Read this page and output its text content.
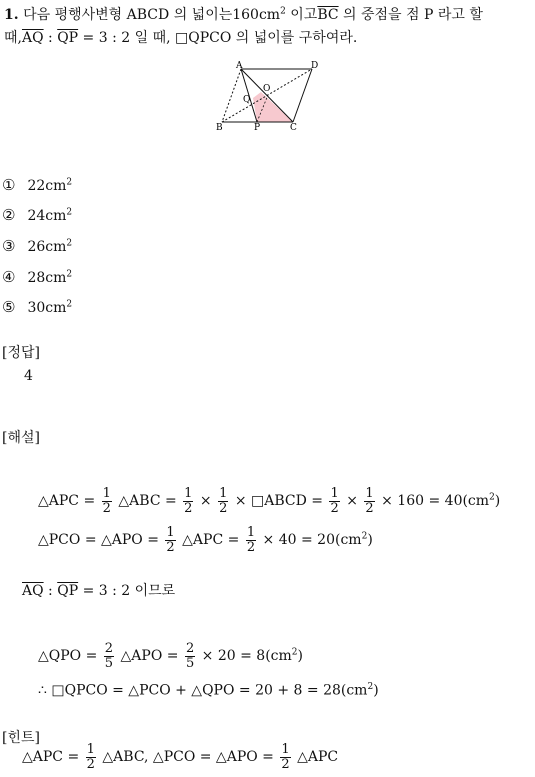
1. 다음 평행사변형 ABCD 의 넓이는$160cm^2$ 이고$\overline{BC}$ 의 중점을 점 P 라고 할
때$,\overline{AQ}$ : $\overline{QP} = 3$ : 2 일 때, □QPCO 의 넓이를 구하여라.
A	D
B	P	C
O
Q
① $22cm^2$
② $24cm^2$
③ $26cm^2$
④ $28cm^2$
⑤ $30cm^2$
[정답]
4
[해설]
△APC = $\frac{1}{2}$ △ABC = $\frac{1}{2} \times \frac{1}{2}$ × □ABCD = $\frac{1}{2} \times \frac{1}{2} \times 160 = 40(cm^2)$
△PCO = △APO = $\frac{1}{2}$ △APC = $\frac{1}{2} \times 40 = 20(cm^2)$
$\overline{AQ}$ : $\overline{QP} = 3$ : 2 이므로
△QPO = $\frac{2}{5}$ △APO = $\frac{2}{5} \times 20 = 8(cm^2)$
∴ □QPCO = △PCO + △QPO = $20 + 8 = 28(cm^2)$
[힌트]
△APC = $\frac{1}{2}$ △ABC, △PCO = △APO = $\frac{1}{2}$ △APC
